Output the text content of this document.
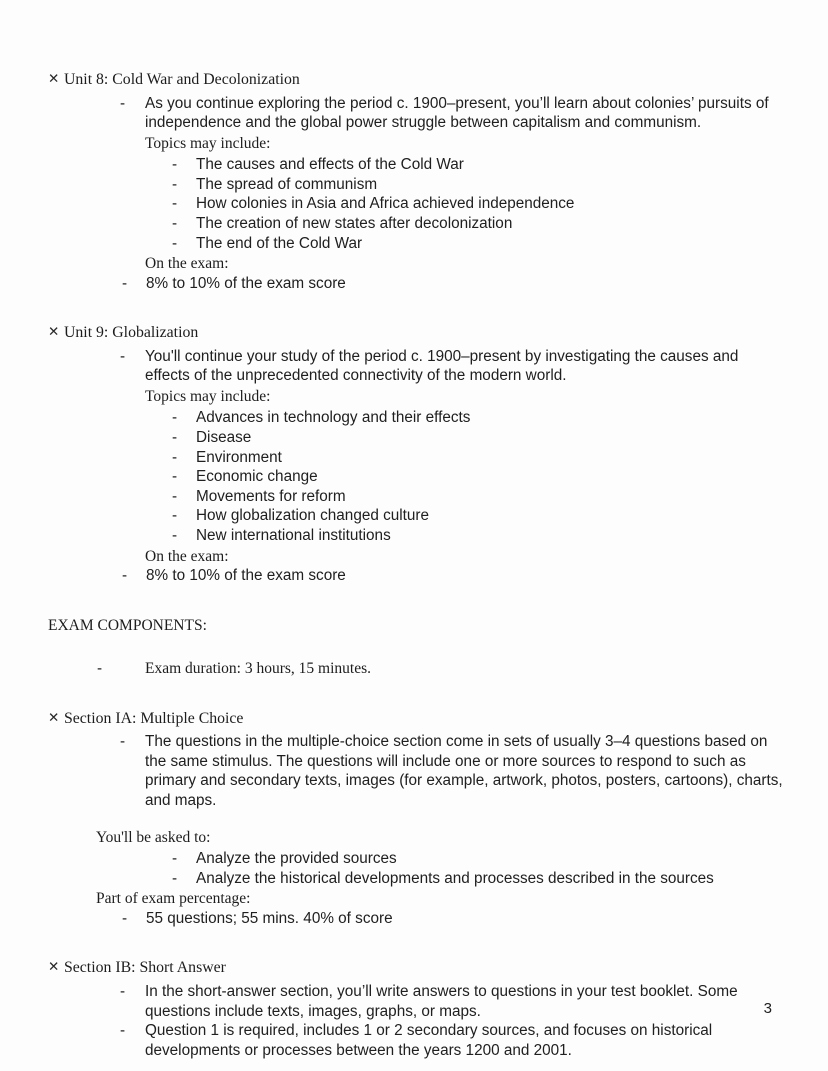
✕ Unit 8: Cold War and Decolonization
-	As you continue exploring the period c. 1900–present, you’ll learn about colonies’ pursuits of independence and the global power struggle between capitalism and communism.
Topics may include:
-	The causes and effects of the Cold War
-	The spread of communism
-	How colonies in Asia and Africa achieved independence
-	The creation of new states after decolonization
-	The end of the Cold War
On the exam:
-	8% to 10% of the exam score
✕ Unit 9: Globalization
-	You'll continue your study of the period c. 1900–present by investigating the causes and effects of the unprecedented connectivity of the modern world.
Topics may include:
-	Advances in technology and their effects
-	Disease
-	Environment
-	Economic change
-	Movements for reform
-	How globalization changed culture
-	New international institutions
On the exam:
-	8% to 10% of the exam score
EXAM COMPONENTS:
-	Exam duration: 3 hours, 15 minutes.
✕ Section IA: Multiple Choice
-	The questions in the multiple-choice section come in sets of usually 3–4 questions based on the same stimulus. The questions will include one or more sources to respond to such as primary and secondary texts, images (for example, artwork, photos, posters, cartoons), charts, and maps.
You'll be asked to:
-	Analyze the provided sources
-	Analyze the historical developments and processes described in the sources
Part of exam percentage:
-	55 questions; 55 mins. 40% of score
✕ Section IB: Short Answer
-	In the short-answer section, you’ll write answers to questions in your test booklet. Some questions include texts, images, graphs, or maps.
-	Question 1 is required, includes 1 or 2 secondary sources, and focuses on historical developments or processes between the years 1200 and 2001.
3
